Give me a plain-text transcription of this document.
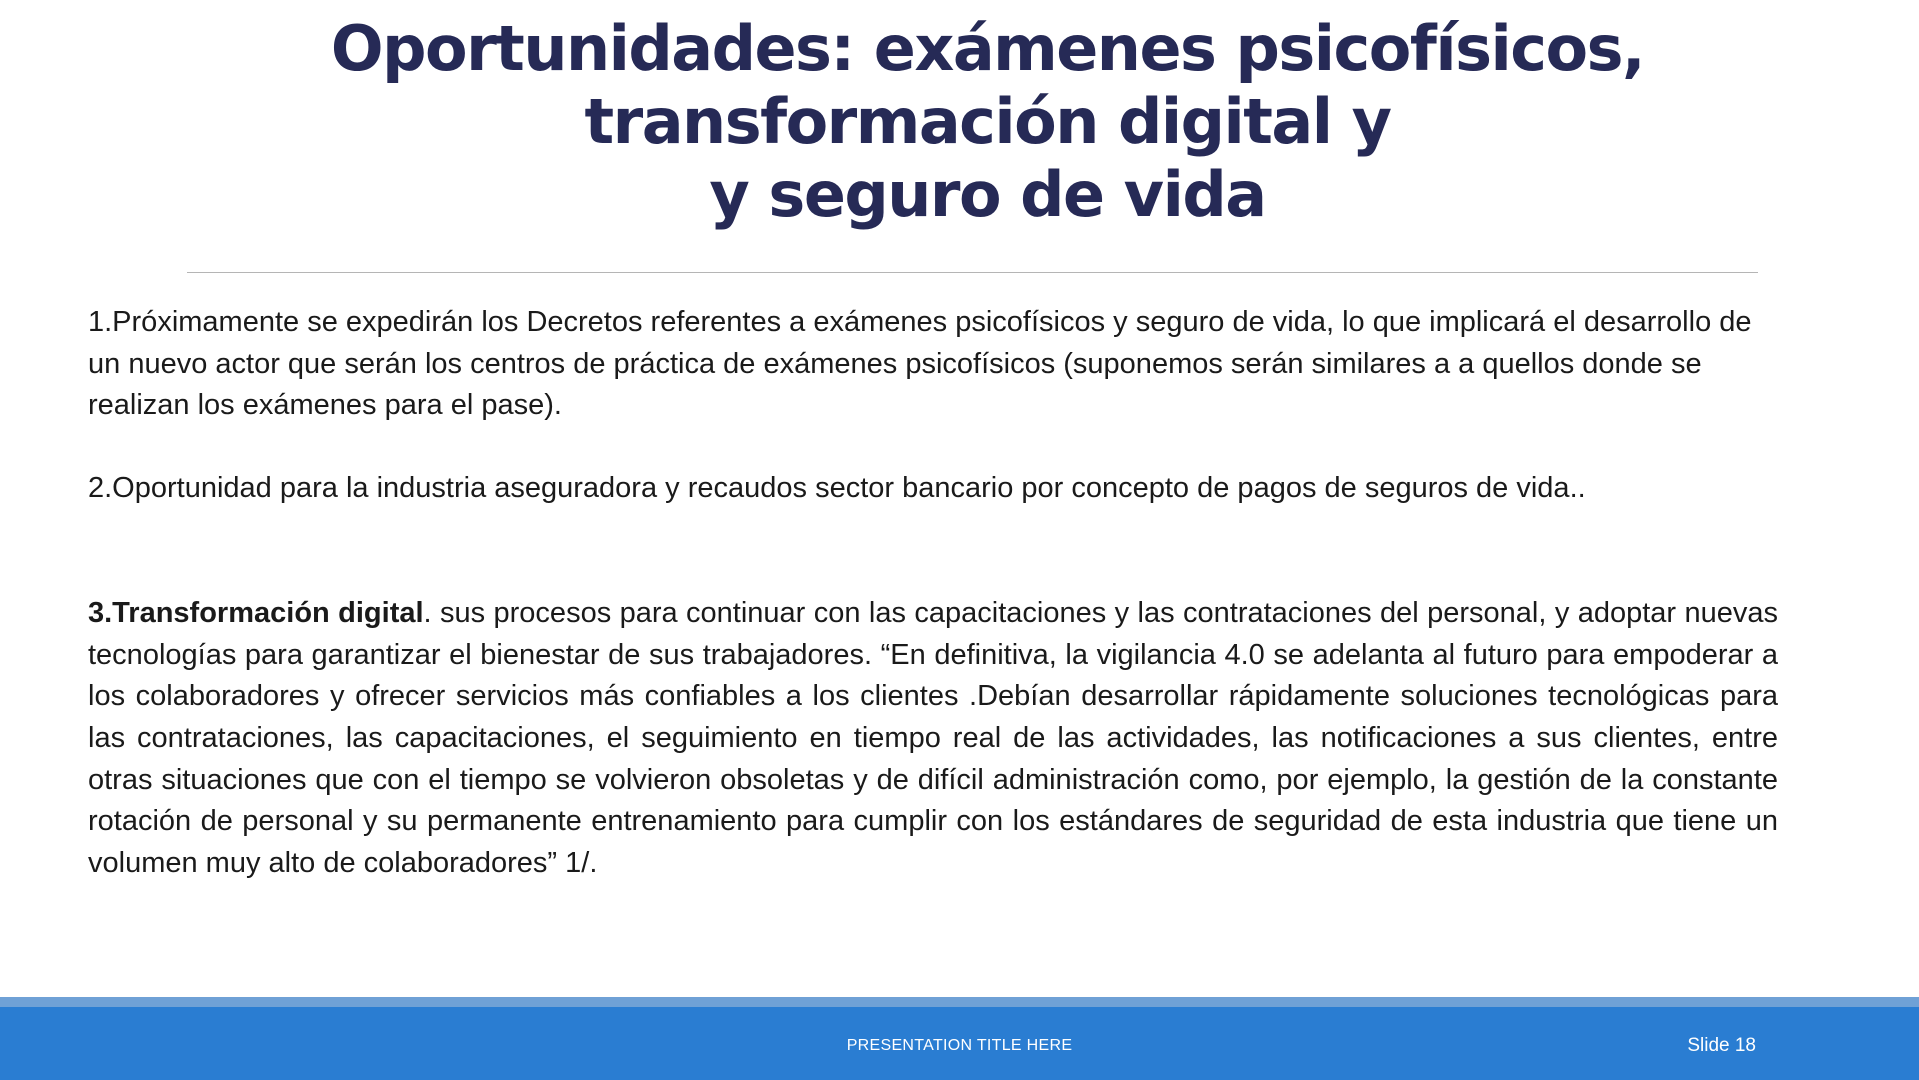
Oportunidades: exámenes psicofísicos,
transformación digital y
y seguro de vida

1.Próximamente se expedirán los Decretos referentes a exámenes psicofísicos y seguro de vida, lo que implicará el desarrollo de un nuevo actor que serán los centros de práctica de exámenes psicofísicos (suponemos serán similares a a quellos donde se realizan los exámenes para el pase).

2.Oportunidad para la industria aseguradora y recaudos sector bancario por concepto de pagos de seguros de vida..

3.Transformación digital. sus procesos para continuar con las capacitaciones y las contrataciones del personal, y adoptar nuevas tecnologías para garantizar el bienestar de sus trabajadores. “En definitiva, la vigilancia 4.0 se adelanta al futuro para empoderar a los colaboradores y ofrecer servicios más confiables a los clientes .Debían desarrollar rápidamente soluciones tecnológicas para las contrataciones, las capacitaciones, el seguimiento en tiempo real de las actividades, las notificaciones a sus clientes, entre otras situaciones que con el tiempo se volvieron obsoletas y de difícil administración como, por ejemplo, la gestión de la constante rotación de personal y su permanente entrenamiento para cumplir con los estándares de seguridad de esta industria que tiene un volumen muy alto de colaboradores” 1/.

PRESENTATION TITLE HERE	Slide 18
